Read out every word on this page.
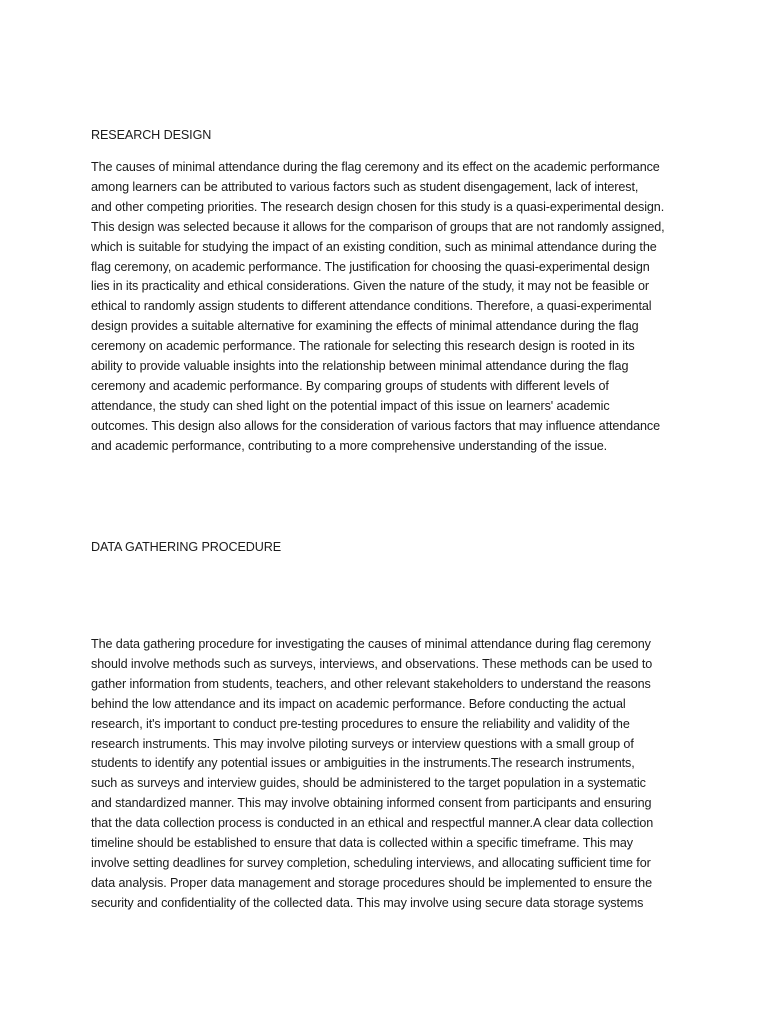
RESEARCH DESIGN
The causes of minimal attendance during the flag ceremony and its effect on the academic performance
among learners can be attributed to various factors such as student disengagement, lack of interest,
and other competing priorities. The research design chosen for this study is a quasi-experimental design.
This design was selected because it allows for the comparison of groups that are not randomly assigned,
which is suitable for studying the impact of an existing condition, such as minimal attendance during the
flag ceremony, on academic performance. The justification for choosing the quasi-experimental design
lies in its practicality and ethical considerations. Given the nature of the study, it may not be feasible or
ethical to randomly assign students to different attendance conditions. Therefore, a quasi-experimental
design provides a suitable alternative for examining the effects of minimal attendance during the flag
ceremony on academic performance. The rationale for selecting this research design is rooted in its
ability to provide valuable insights into the relationship between minimal attendance during the flag
ceremony and academic performance. By comparing groups of students with different levels of
attendance, the study can shed light on the potential impact of this issue on learners' academic
outcomes. This design also allows for the consideration of various factors that may influence attendance
and academic performance, contributing to a more comprehensive understanding of the issue.
DATA GATHERING PROCEDURE
The data gathering procedure for investigating the causes of minimal attendance during flag ceremony
should involve methods such as surveys, interviews, and observations. These methods can be used to
gather information from students, teachers, and other relevant stakeholders to understand the reasons
behind the low attendance and its impact on academic performance. Before conducting the actual
research, it's important to conduct pre-testing procedures to ensure the reliability and validity of the
research instruments. This may involve piloting surveys or interview questions with a small group of
students to identify any potential issues or ambiguities in the instruments.The research instruments,
such as surveys and interview guides, should be administered to the target population in a systematic
and standardized manner. This may involve obtaining informed consent from participants and ensuring
that the data collection process is conducted in an ethical and respectful manner.A clear data collection
timeline should be established to ensure that data is collected within a specific timeframe. This may
involve setting deadlines for survey completion, scheduling interviews, and allocating sufficient time for
data analysis. Proper data management and storage procedures should be implemented to ensure the
security and confidentiality of the collected data. This may involve using secure data storage systems
